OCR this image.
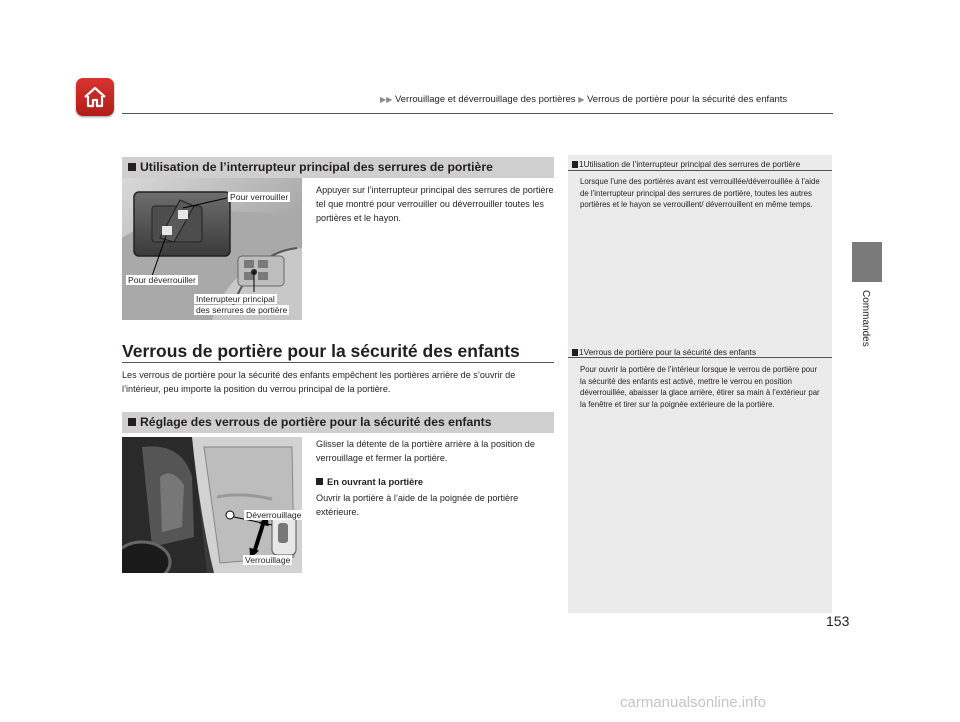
▶▶ Verrouillage et déverrouillage des portières ▶ Verrous de portière pour la sécurité des enfants
Commandes
Utilisation de l’interrupteur principal des serrures de portière
Pour verrouiller
Pour déverrouiller
Interrupteur principal
des serrures de portière
Appuyer sur l’interrupteur principal des serrures de portière tel que montré pour verrouiller ou déverrouiller toutes les portières et le hayon.
Verrous de portière pour la sécurité des enfants
Les verrous de portière pour la sécurité des enfants empêchent les portières arrière de s’ouvrir de l’intérieur, peu importe la position du verrou principal de la portière.
Réglage des verrous de portière pour la sécurité des enfants
Déverrouillage
Verrouillage
Glisser la détente de la portière arrière à la position de verrouillage et fermer la portière.
En ouvrant la portière
Ouvrir la portière à l’aide de la poignée de portière extérieure.
1Utilisation de l’interrupteur principal des serrures de portière
Lorsque l’une des portières avant est verrouillée/déverrouillée à l’aide de l’interrupteur principal des serrures de portière, toutes les autres portières et le hayon se verrouillent/ déverrouillent en même temps.
1Verrous de portière pour la sécurité des enfants
Pour ouvrir la portière de l’intérieur lorsque le verrou de portière pour la sécurité des enfants est activé, mettre le verrou en position déverrouillée, abaisser la glace arrière, étirer sa main à l’extérieur par la fenêtre et tirer sur la poignée extérieure de la portière.
153
carmanualsonline.info
